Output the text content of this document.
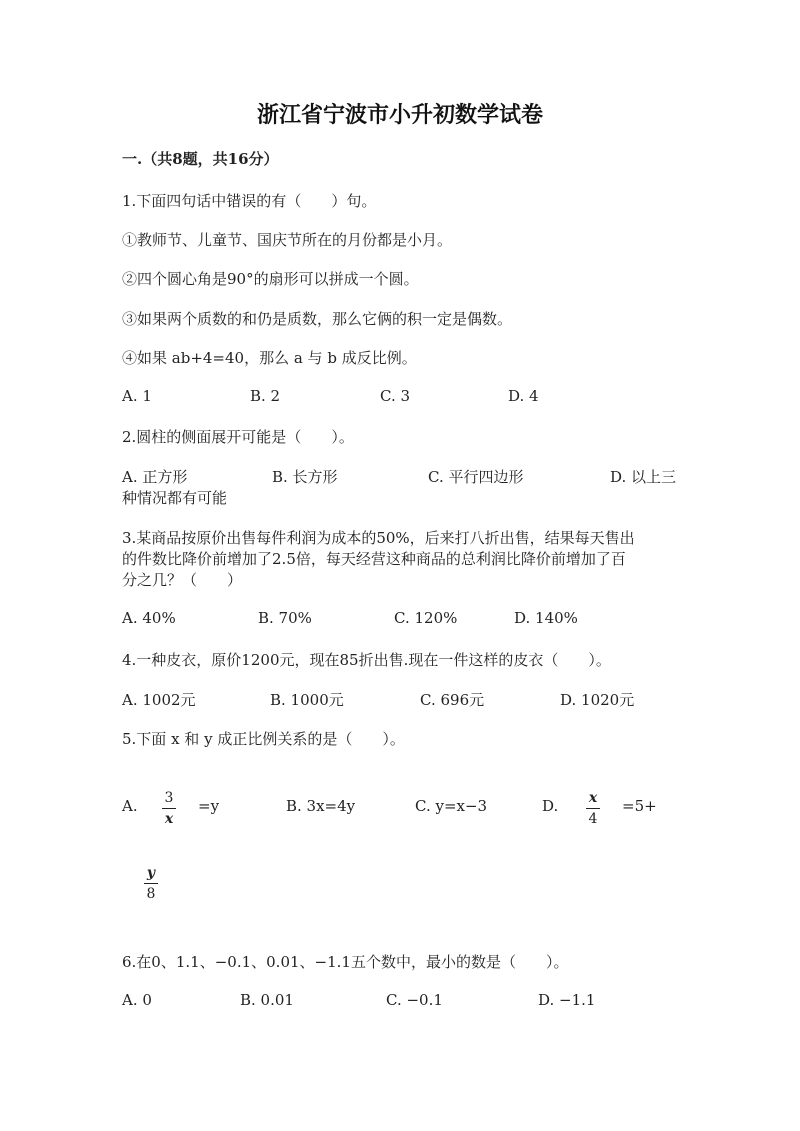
浙江省宁波市小升初数学试卷
一.（共8题，共16分）
1.下面四句话中错误的有（　　）句。
①教师节、儿童节、国庆节所在的月份都是小月。
②四个圆心角是90°的扇形可以拼成一个圆。
③如果两个质数的和仍是质数，那么它俩的积一定是偶数。
④如果 ab+4=40，那么 a 与 b 成反比例。
A. 1	B. 2	C. 3	D. 4
2.圆柱的侧面展开可能是（　　）。
A. 正方形	B. 长方形	C. 平行四边形	D. 以上三
种情况都有可能
3.某商品按原价出售每件利润为成本的50%，后来打八折出售，结果每天售出
的件数比降价前增加了2.5倍，每天经营这种商品的总利润比降价前增加了百
分之几？（　　）
A. 40%	B. 70%	C. 120%	D. 140%
4.一种皮衣，原价1200元，现在85折出售.现在一件这样的皮衣（　　）。
A. 1002元	B. 1000元	C. 696元	D. 1020元
5.下面 x 和 y 成正比例关系的是（　　）。
A. 3
x
=y	B. 3x=4y	C. y=x−3	D. x
4
=5+
y
8
6.在0、1.1、−0.1、0.01、−1.1五个数中，最小的数是（　　）。
A. 0	B. 0.01	C. −0.1	D. −1.1
